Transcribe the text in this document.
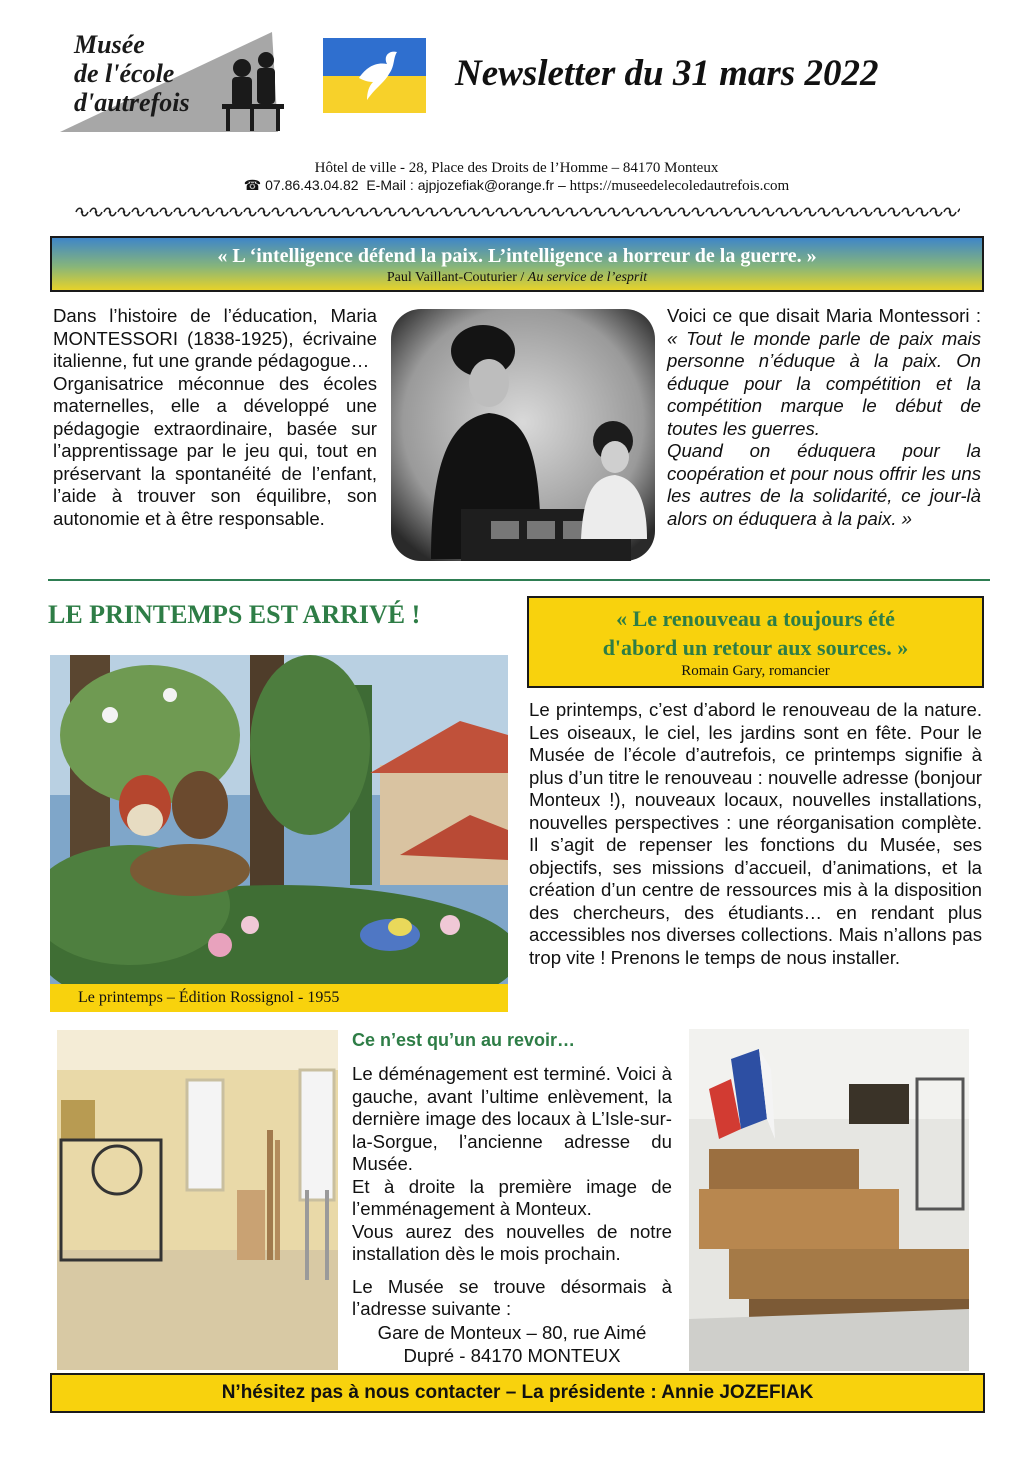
Musée
de l'école
d'autrefois
Newsletter du 31 mars 2022
Hôtel de ville - 28, Place des Droits de l’Homme – 84170 Monteux
☎ 07.86.43.04.82 E-Mail : ajpjozefiak@orange.fr – https://museedelecoledautrefois.com
« L ‘intelligence défend la paix. L’intelligence a horreur de la guerre. »
Paul Vaillant-Couturier / Au service de l’esprit

Dans l’histoire de l’éducation, Maria MONTESSORI (1838-1925), écrivaine italienne, fut une grande pédagogue…

Organisatrice méconnue des écoles maternelles, elle a développé une pédagogie extraordinaire, basée sur l’apprentissage par le jeu qui, tout en préservant la spontanéité de l’enfant, l’aide à trouver son équilibre, son autonomie et à être responsable.

Voici ce que disait Maria Montessori : « Tout le monde parle de paix mais personne n’éduque à la paix. On éduque pour la compétition et la compétition marque le début de toutes les guerres.

Quand on éduquera pour la coopération et pour nous offrir les uns les autres de la solidarité, ce jour-là alors on éduquera à la paix. »

LE PRINTEMPS EST ARRIVÉ !	« Le renouveau a toujours été
d'abord un retour aux sources. »
Romain Gary, romancier
Le printemps – Édition Rossignol - 1955
Le printemps, c’est d’abord le renouveau de la nature. Les oiseaux, le ciel, les jardins sont en fête. Pour le Musée de l’école d’autrefois, ce printemps signifie à plus d’un titre le renouveau : nouvelle adresse (bonjour Monteux !), nouveaux locaux, nouvelles installations, nouvelles perspectives : une réorganisation complète. Il s’agit de repenser les fonctions du Musée, ses objectifs, ses missions d’accueil, d’animations, et la création d’un centre de ressources mis à la disposition des chercheurs, des étudiants… en rendant plus accessibles nos diverses collections. Mais n’allons pas trop vite ! Prenons le temps de nous installer.
Ce n’est qu’un au revoir…

Le déménagement est terminé. Voici à gauche, avant l’ultime enlèvement, la dernière image des locaux à L’Isle-sur-la-Sorgue, l’ancienne adresse du Musée.

Et à droite la première image de l’emménagement à Monteux.

Vous aurez des nouvelles de notre installation dès le mois prochain.

Le Musée se trouve désormais à l’adresse suivante :

Gare de Monteux – 80, rue Aimé Dupré - 84170 MONTEUX
N’hésitez pas à nous contacter – La présidente : Annie JOZEFIAK
